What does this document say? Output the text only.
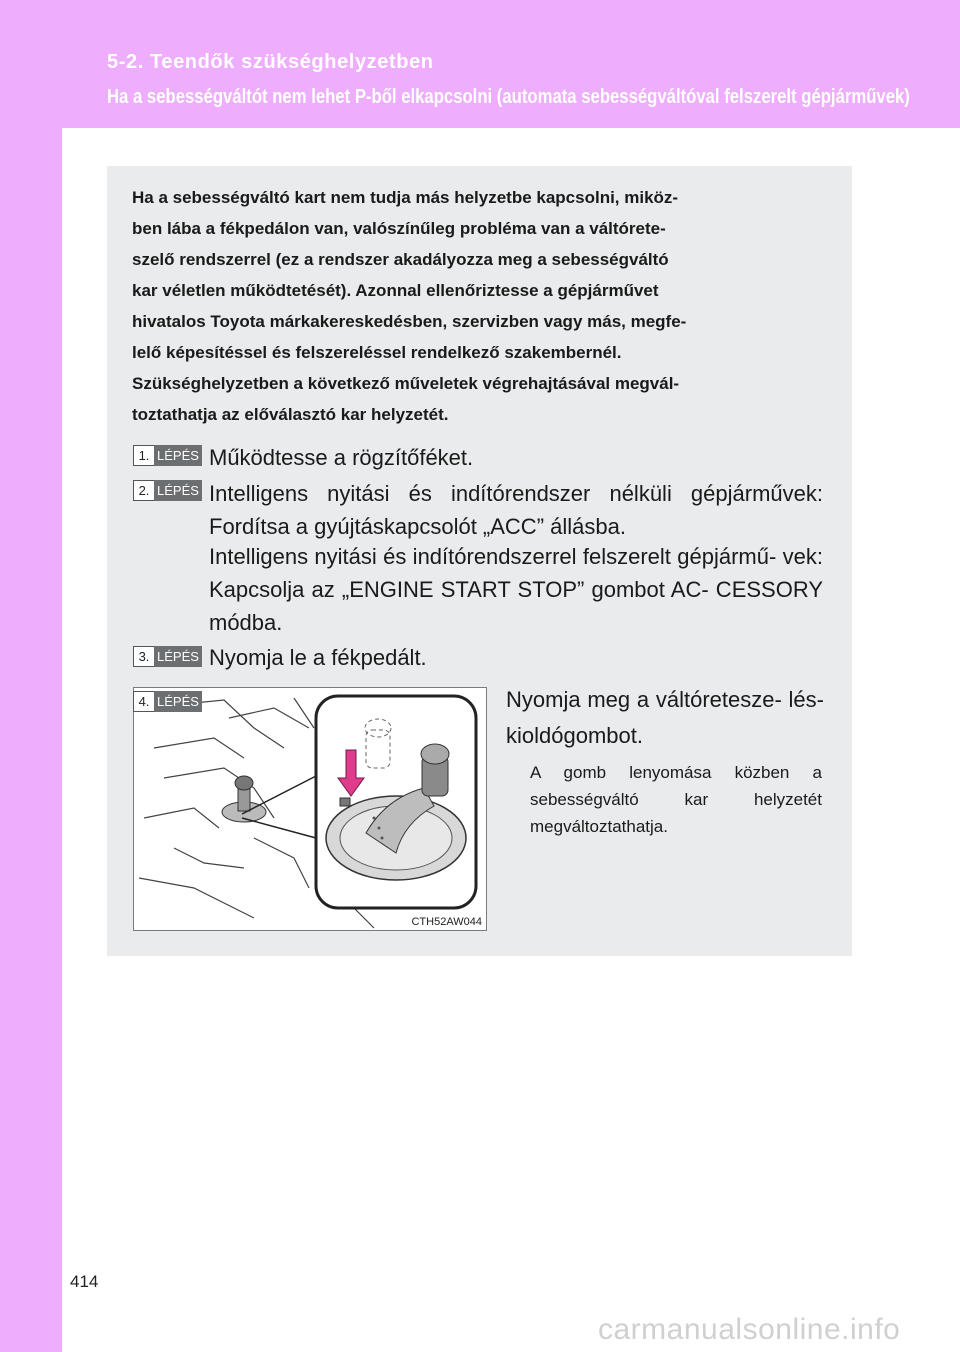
5-2. Teendők szükséghelyzetben
Ha a sebességváltót nem lehet P-ből elkapcsolni (automata sebességváltóval felszerelt gépjárművek)

Ha a sebességváltó kart nem tudja más helyzetbe kapcsolni, miköz-
ben lába a fékpedálon van, valószínűleg probléma van a váltórete-
szelő rendszerrel (ez a rendszer akadályozza meg a sebességváltó
kar véletlen működtetését). Azonnal ellenőriztesse a gépjárművet
hivatalos Toyota márkakereskedésben, szervizben vagy más, megfe-
lelő képesítéssel és felszereléssel rendelkező szakembernél.
Szükséghelyzetben a következő műveletek végrehajtásával megvál-
toztathatja az előválasztó kar helyzetét.

1. LÉPÉS Működtesse a rögzítőféket.

2. LÉPÉS Intelligens nyitási és indítórendszer nélküli gépjárművek: Fordítsa a gyújtáskapcsolót „ACC” állásba.

Intelligens nyitási és indítórendszerrel felszerelt gépjármű- vek: Kapcsolja az „ENGINE START STOP” gombot AC- CESSORY módba.

3. LÉPÉS Nyomja le a fékpedált.

CTH52AW044
4. LÉPÉS	Nyomja meg a váltóretesze- lés-kioldógombot.

A gomb lenyomása közben a sebességváltó kar helyzetét megváltoztathatja.

414
carmanualsonline.info
